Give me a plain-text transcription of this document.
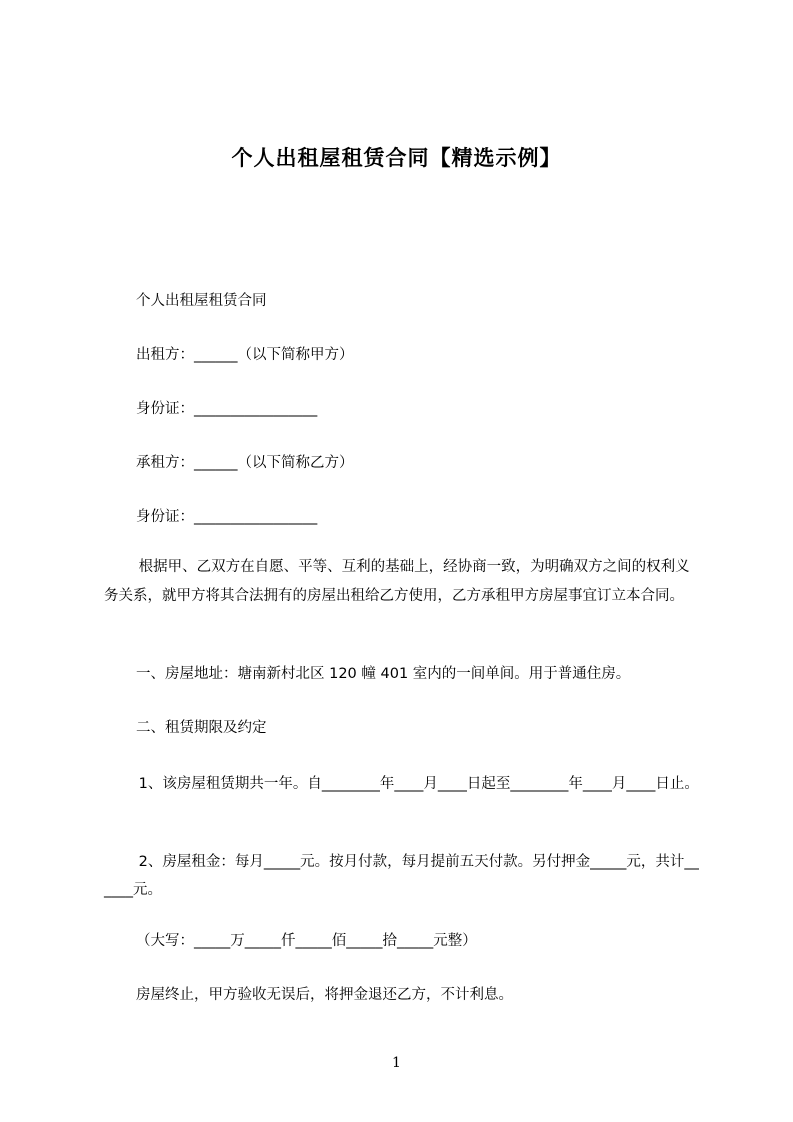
个人出租屋租赁合同【精选示例】
个人出租屋租赁合同
出租方：______（以下简称甲方）
身份证：_________________
承租方：______（以下简称乙方）
身份证：_________________
根据甲、乙双方在自愿、平等、互利的基础上，经协商一致，为明确双方之间的权利义务关系，就甲方将其合法拥有的房屋出租给乙方使用，乙方承租甲方房屋事宜订立本合同。
一、房屋地址：塘南新村北区 120 幢 401 室内的一间单间。用于普通住房。
二、租赁期限及约定
1、该房屋租赁期共一年。自________年____月____日起至________年____月____日止。
2、房屋租金：每月_____元。按月付款，每月提前五天付款。另付押金_____元，共计______元。
（大写：_____万_____仟_____佰_____拾_____元整）
房屋终止，甲方验收无误后，将押金退还乙方，不计利息。
1
